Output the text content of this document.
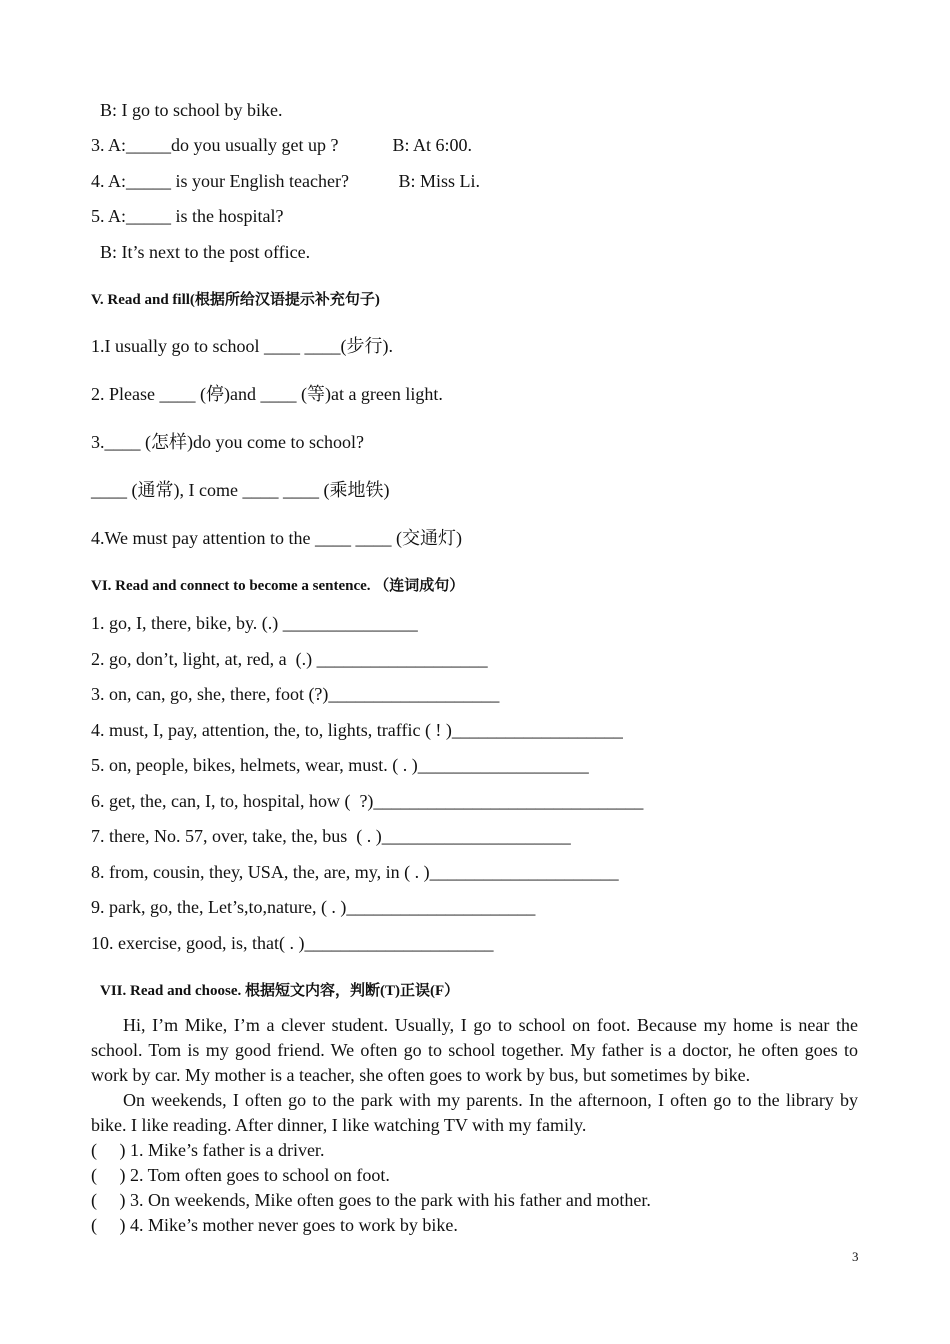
B: I go to school by bike.
3. A:_____do you usually get up ?            B: At 6:00.
4. A:_____ is your English teacher?           B: Miss Li.
5. A:_____ is the hospital?
B: It’s next to the post office.
V. Read and fill(根据所给汉语提示补充句子)
1.I usually go to school ____ ____(步行).
2. Please ____ (停)and ____ (等)at a green light.
3.____ (怎样)do you come to school?
____ (通常), I come ____ ____ (乘地铁)
4.We must pay attention to the ____ ____ (交通灯)
VI. Read and connect to become a sentence. （连词成句）
1. go, I, there, bike, by. (.) _______________
2. go, don’t, light, at, red, a  (.) ___________________
3. on, can, go, she, there, foot (?)___________________
4. must, I, pay, attention, the, to, lights, traffic ( ! )___________________
5. on, people, bikes, helmets, wear, must. ( . )___________________
6. get, the, can, I, to, hospital, how (  ?)______________________________
7. there, No. 57, over, take, the, bus  ( . )_____________________
8. from, cousin, they, USA, the, are, my, in ( . )_____________________
9. park, go, the, Let’s,to,nature, ( . )_____________________
10. exercise, good, is, that( . )_____________________
VII. Read and choose. 根据短文内容，判断(T)正误(F）
Hi, I’m Mike, I’m a clever student. Usually, I go to school on foot. Because my home is near the school. Tom is my good friend. We often go to school together. My father is a doctor, he often goes to work by car. My mother is a teacher, she often goes to work by bus, but sometimes by bike.
On weekends, I often go to the park with my parents. In the afternoon, I often go to the library by bike. I like reading. After dinner, I like watching TV with my family.
(     ) 1. Mike’s father is a driver.
(     ) 2. Tom often goes to school on foot.
(     ) 3. On weekends, Mike often goes to the park with his father and mother.
(     ) 4. Mike’s mother never goes to work by bike.
3
